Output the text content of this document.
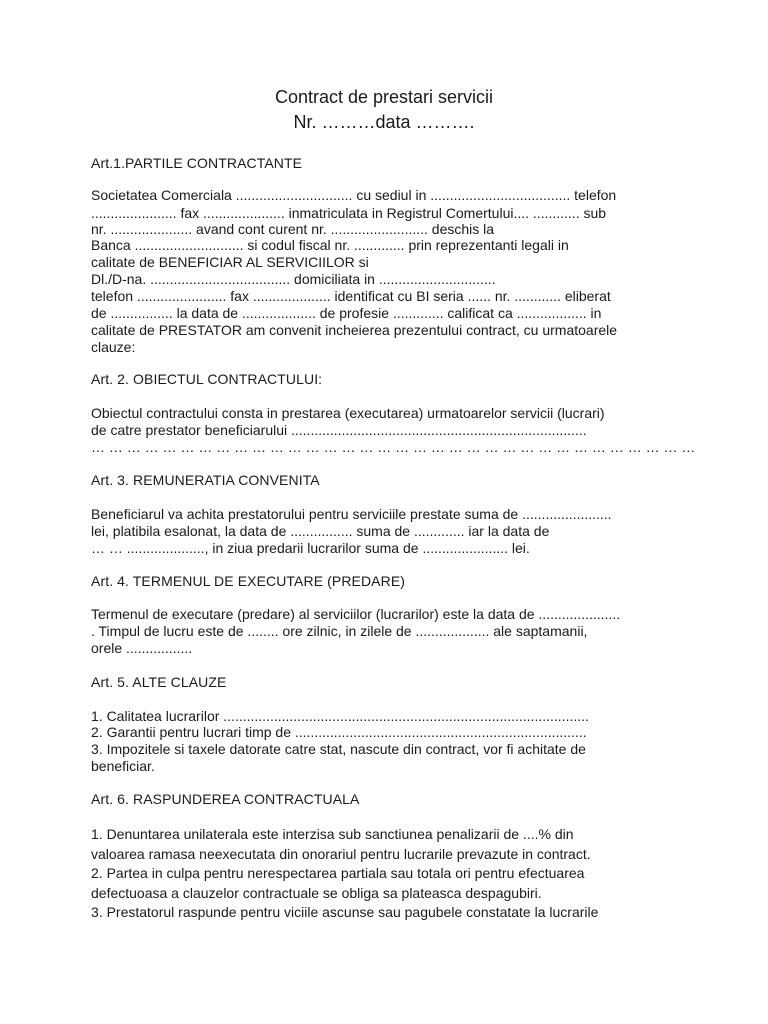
Contract de prestari servicii
Nr. ………data ……….
Art.1.PARTILE CONTRACTANTE
Societatea Comerciala .............................. cu sediul in .................................... telefon
...................... fax ..................... inmatriculata in Registrul Comertului.... ............ sub
nr. ..................... avand cont curent nr. ......................... deschis la
Banca ............................ si codul fiscal nr. ............. prin reprezentanti legali in
calitate de BENEFICIAR AL SERVICIILOR si
Dl./D-na. .................................... domiciliata in ..............................
telefon ....................... fax .................... identificat cu BI seria ...... nr. ............ eliberat
de ................ la data de ................... de profesie ............. calificat ca .................. in
calitate de PRESTATOR am convenit incheierea prezentului contract, cu urmatoarele
clauze:
Art. 2. OBIECTUL CONTRACTULUI:
Obiectul contractului consta in prestarea (executarea) urmatoarelor servicii (lucrari)
de catre prestator beneficiarului ............................................................................
… … … … … … … … … … … … … … … … … … … … … … … … … … … … … … … … … …
Art. 3. REMUNERATIA CONVENITA
Beneficiarul va achita prestatorului pentru serviciile prestate suma de .......................
lei, platibila esalonat, la data de ................ suma de ............. iar la data de
… … ...................., in ziua predarii lucrarilor suma de ...................... lei.
Art. 4. TERMENUL DE EXECUTARE (PREDARE)
Termenul de executare (predare) al serviciilor (lucrarilor) este la data de .....................
. Timpul de lucru este de ........ ore zilnic, in zilele de ................... ale saptamanii,
orele .................
Art. 5. ALTE CLAUZE
1. Calitatea lucrarilor ..............................................................................................
2. Garantii pentru lucrari timp de ...........................................................................
3. Impozitele si taxele datorate catre stat, nascute din contract, vor fi achitate de
beneficiar.
Art. 6. RASPUNDEREA CONTRACTUALA
1. Denuntarea unilaterala este interzisa sub sanctiunea penalizarii de ....% din
valoarea ramasa neexecutata din onorariul pentru lucrarile prevazute in contract.
2. Partea in culpa pentru nerespectarea partiala sau totala ori pentru efectuarea
defectuoasa a clauzelor contractuale se obliga sa plateasca despagubiri.
3. Prestatorul raspunde pentru viciile ascunse sau pagubele constatate la lucrarile
